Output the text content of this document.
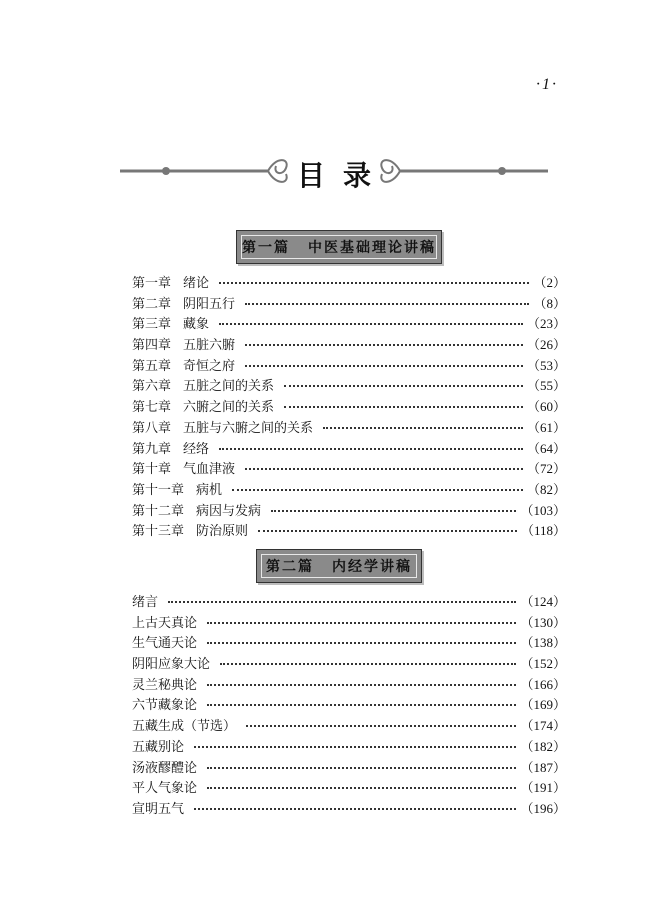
·1·
目录
第一篇 中医基础理论讲稿
第一章 绪论	（2）
第二章 阴阳五行	（8）
第三章 藏象	（23）
第四章 五脏六腑	（26）
第五章 奇恒之府	（53）
第六章 五脏之间的关系	（55）
第七章 六腑之间的关系	（60）
第八章 五脏与六腑之间的关系	（61）
第九章 经络	（64）
第十章 气血津液	（72）
第十一章 病机	（82）
第十二章 病因与发病	（103）
第十三章 防治原则	（118）
第二篇 内经学讲稿
绪言	（124）
上古天真论	（130）
生气通天论	（138）
阴阳应象大论	（152）
灵兰秘典论	（166）
六节藏象论	（169）
五藏生成（节选）	（174）
五藏别论	（182）
汤液醪醴论	（187）
平人气象论	（191）
宣明五气	（196）
